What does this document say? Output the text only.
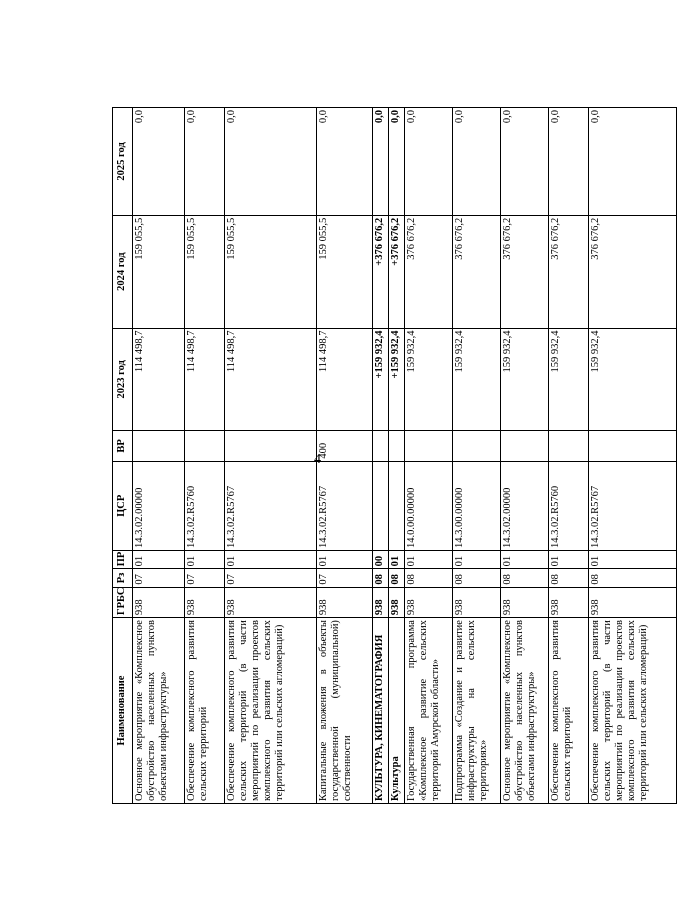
4
Наименование	ГРБС	Рз	ПР	ЦСР	ВР	2023 год	2024 год	2025 год
Основное мероприятие «Комплексное обустройство населенных пунктов объектами инфраструктуры»	938	07	01	14.3.02.00000		114 498,7	159 055,5	0,0
Обеспечение комплексного развития сельских территорий	938	07	01	14.3.02.R5760		114 498,7	159 055,5	0,0
Обеспечение комплексного развития сельских территорий (в части мероприятий по реализации проектов комплексного развития сельских территорий или сельских агломераций)	938	07	01	14.3.02.R5767		114 498,7	159 055,5	0,0
Капитальные вложения в объекты государственной (муниципальной) собственности	938	07	01	14.3.02.R5767	400	114 498,7	159 055,5	0,0
КУЛЬТУРА, КИНЕМАТОГРАФИЯ	938	08	00			+159 932,4	+376 676,2	0,0
Культура	938	08	01			+159 932,4	+376 676,2	0,0
Государственная программа «Комплексное развитие сельских территорий Амурской области»	938	08	01	14.0.00.00000		159 932,4	376 676,2	0,0
Подпрограмма «Создание и развитие инфраструктуры на сельских территориях»	938	08	01	14.3.00.00000		159 932,4	376 676,2	0,0
Основное мероприятие «Комплексное обустройство населенных пунктов объектами инфраструктуры»	938	08	01	14.3.02.00000		159 932,4	376 676,2	0,0
Обеспечение комплексного развития сельских территорий	938	08	01	14.3.02.R5760		159 932,4	376 676,2	0,0
Обеспечение комплексного развития сельских территорий (в части мероприятий по реализации проектов комплексного развития сельских территорий или сельских агломераций)	938	08	01	14.3.02.R5767		159 932,4	376 676,2	0,0
